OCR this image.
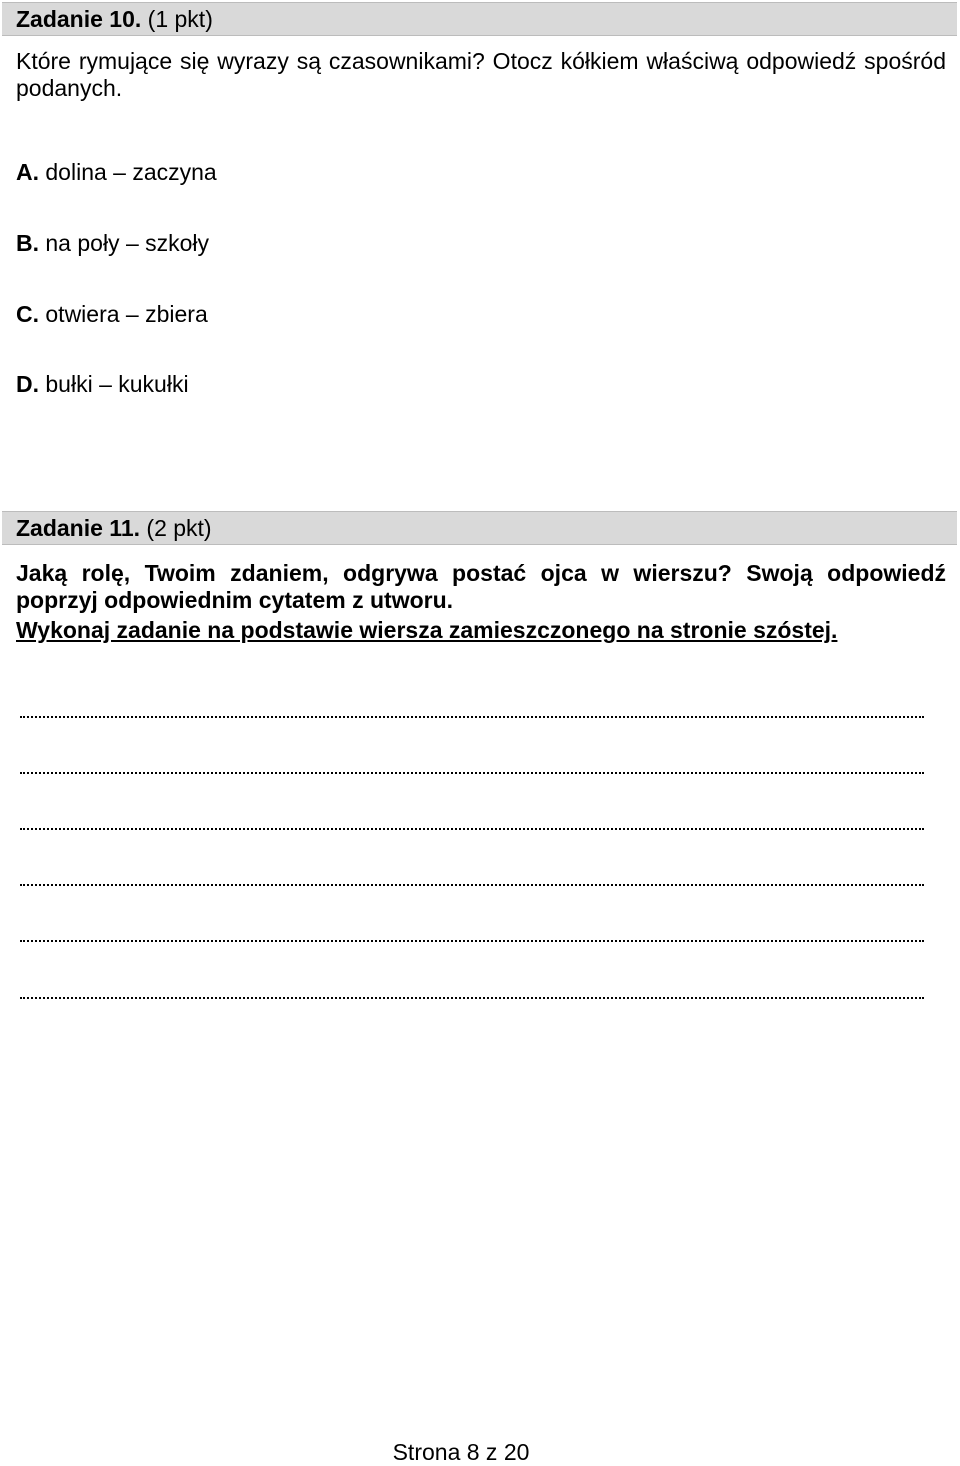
Zadanie 10. (1 pkt)

Które rymujące się wyrazy są czasownikami? Otocz kółkiem właściwą odpowiedź spośród podanych.

A. dolina – zaczyna

B. na poły – szkoły

C. otwiera – zbiera

D. bułki – kukułki

Zadanie 11. (2 pkt)

Jaką rolę, Twoim zdaniem, odgrywa postać ojca w wierszu? Swoją odpowiedź poprzyj odpowiednim cytatem z utworu.

Wykonaj zadanie na podstawie wiersza zamieszczonego na stronie szóstej.

Strona 8 z 20
